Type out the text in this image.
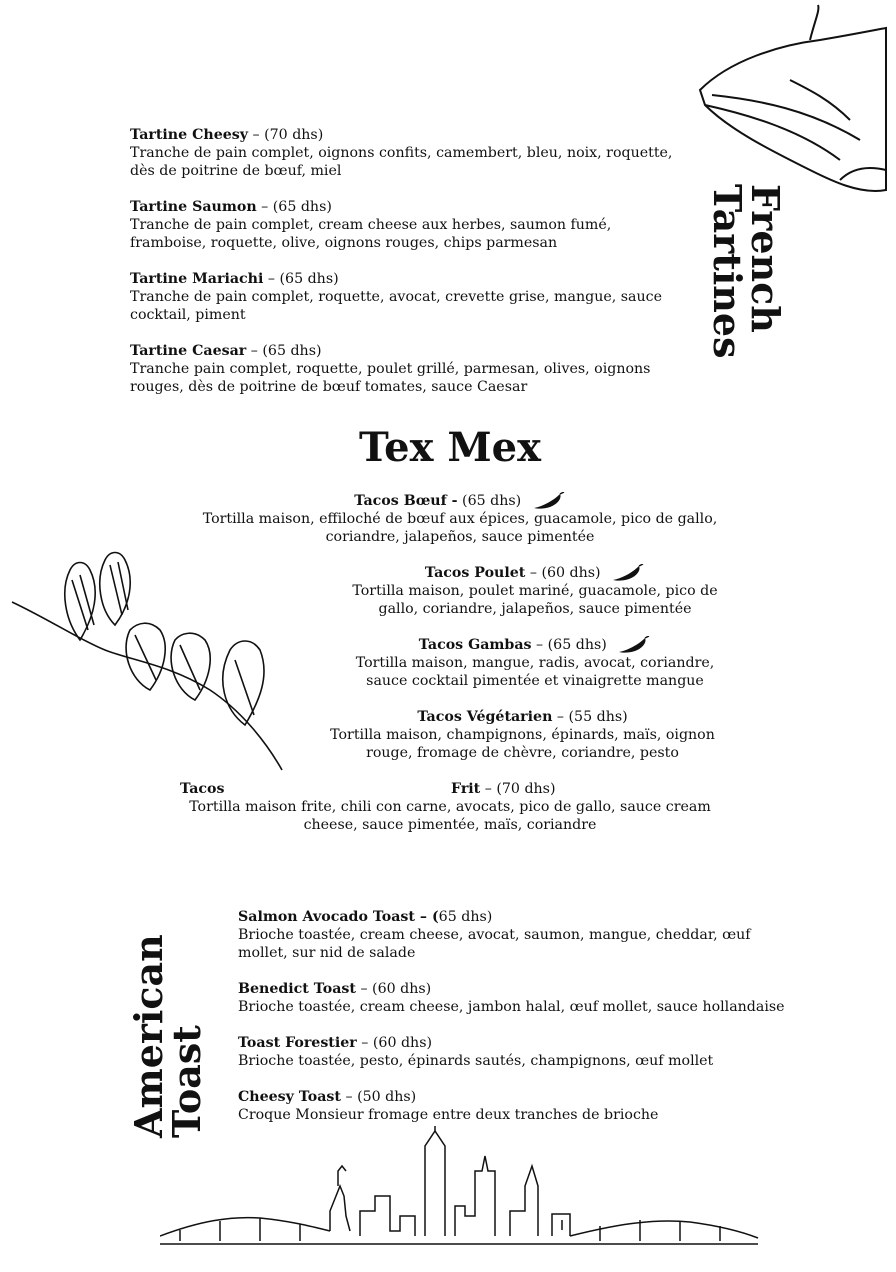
French
Tartines
Tartine Cheesy – (70 dhs)
Tranche de pain complet, oignons confits, camembert, bleu, noix, roquette, dès de poitrine de bœuf, miel
Tartine Saumon – (65 dhs)
Tranche de pain complet, cream cheese aux herbes, saumon fumé, framboise, roquette, olive, oignons rouges, chips parmesan
Tartine Mariachi – (65 dhs)
Tranche de pain complet, roquette, avocat, crevette grise, mangue, sauce cocktail, piment
Tartine Caesar – (65 dhs)
Tranche pain complet, roquette, poulet grillé, parmesan, olives, oignons rouges, dès de poitrine de bœuf tomates, sauce Caesar
Tex Mex
Tacos Bœuf - (65 dhs)
Tortilla maison, effiloché de bœuf aux épices, guacamole, pico de gallo, coriandre, jalapeños, sauce pimentée
Tacos Poulet – (60 dhs)
Tortilla maison, poulet mariné, guacamole, pico de gallo, coriandre, jalapeños, sauce pimentée
Tacos Gambas – (65 dhs)
Tortilla maison, mangue, radis, avocat, coriandre, sauce cocktail pimentée et vinaigrette mangue
Tacos Végétarien – (55 dhs)
Tortilla maison, champignons, épinards, maïs, oignon rouge, fromage de chèvre, coriandre, pesto
Tacos	Frit – (70 dhs)
Tortilla maison frite, chili con carne, avocats, pico de gallo, sauce cream cheese, sauce pimentée, maïs, coriandre
American
Toast
Salmon Avocado Toast – (65 dhs)
Brioche toastée, cream cheese, avocat, saumon, mangue, cheddar, œuf mollet, sur nid de salade
Benedict Toast – (60 dhs)
Brioche toastée, cream cheese, jambon halal, œuf mollet, sauce hollandaise
Toast Forestier – (60 dhs)
Brioche toastée, pesto, épinards sautés, champignons, œuf mollet
Cheesy Toast – (50 dhs)
Croque Monsieur fromage entre deux tranches de brioche
